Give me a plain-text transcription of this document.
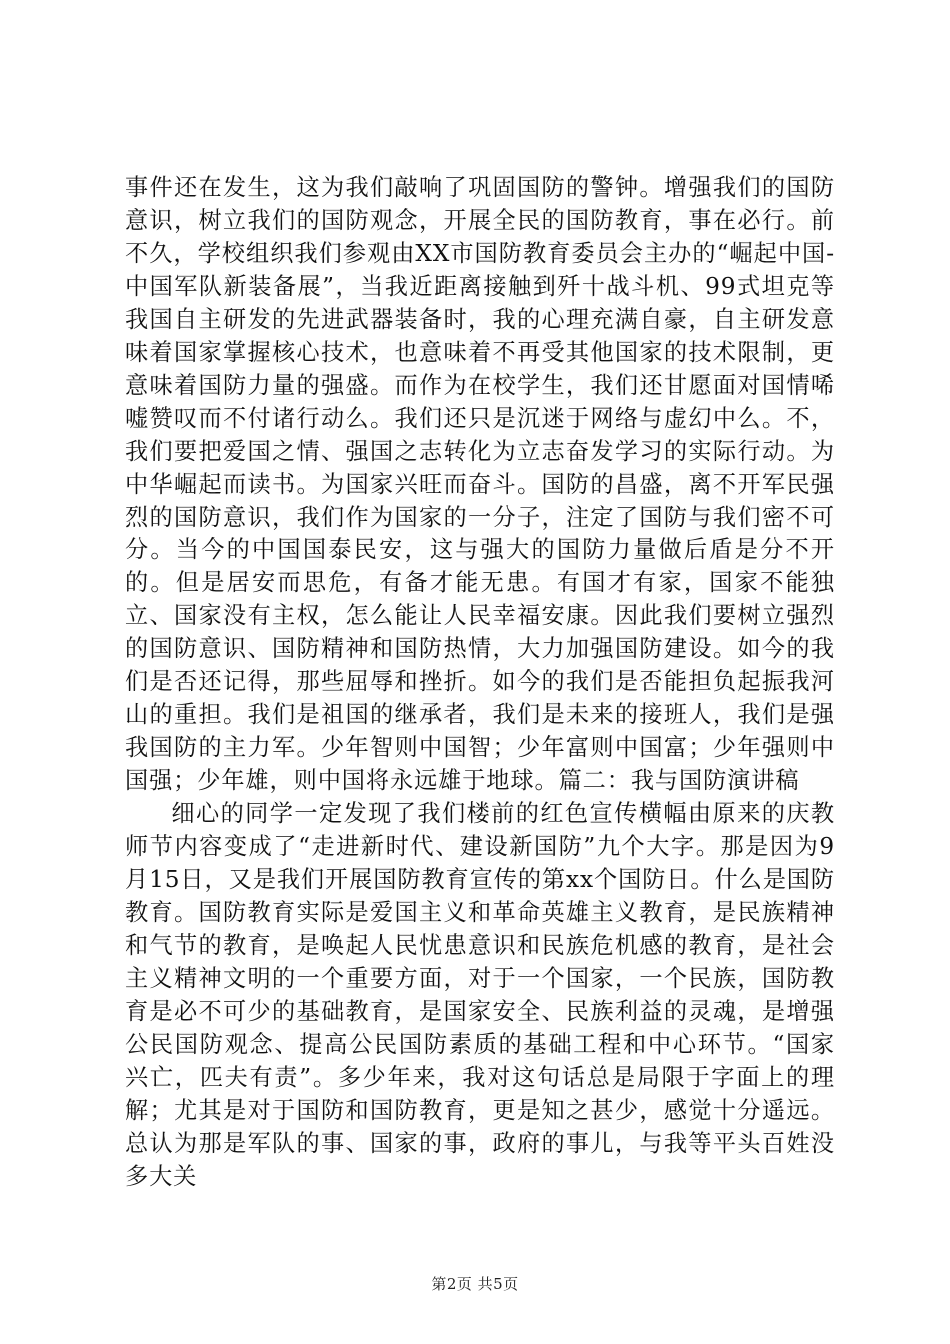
事件还在发生，这为我们敲响了巩固国防的警钟。增强我们的国防意识，树立我们的国防观念，开展全民的国防教育，事在必行。前不久，学校组织我们参观由XX市国防教育委员会主办的“崛起中国-中国军队新装备展”，当我近距离接触到歼十战斗机、99式坦克等我国自主研发的先进武器装备时，我的心理充满自豪，自主研发意味着国家掌握核心技术，也意味着不再受其他国家的技术限制，更意味着国防力量的强盛。而作为在校学生，我们还甘愿面对国情唏嘘赞叹而不付诸行动么。我们还只是沉迷于网络与虚幻中么。不，我们要把爱国之情、强国之志转化为立志奋发学习的实际行动。为中华崛起而读书。为国家兴旺而奋斗。国防的昌盛，离不开军民强烈的国防意识，我们作为国家的一分子，注定了国防与我们密不可分。当今的中国国泰民安，这与强大的国防力量做后盾是分不开的。但是居安而思危，有备才能无患。有国才有家，国家不能独立、国家没有主权，怎么能让人民幸福安康。因此我们要树立强烈的国防意识、国防精神和国防热情，大力加强国防建设。如今的我们是否还记得，那些屈辱和挫折。如今的我们是否能担负起振我河山的重担。我们是祖国的继承者，我们是未来的接班人，我们是强我国防的主力军。少年智则中国智；少年富则中国富；少年强则中国强；少年雄，则中国将永远雄于地球。篇二：我与国防演讲稿

细心的同学一定发现了我们楼前的红色宣传横幅由原来的庆教师节内容变成了“走进新时代、建设新国防”九个大字。那是因为9月15日，又是我们开展国防教育宣传的第xx个国防日。什么是国防教育。国防教育实际是爱国主义和革命英雄主义教育，是民族精神和气节的教育，是唤起人民忧患意识和民族危机感的教育，是社会主义精神文明的一个重要方面，对于一个国家，一个民族，国防教育是必不可少的基础教育，是国家安全、民族利益的灵魂，是增强公民国防观念、提高公民国防素质的基础工程和中心环节。“国家兴亡，匹夫有责”。多少年来，我对这句话总是局限于字面上的理解；尤其是对于国防和国防教育，更是知之甚少，感觉十分遥远。总认为那是军队的事、国家的事，政府的事儿，与我等平头百姓没多大关

第2页 共5页
